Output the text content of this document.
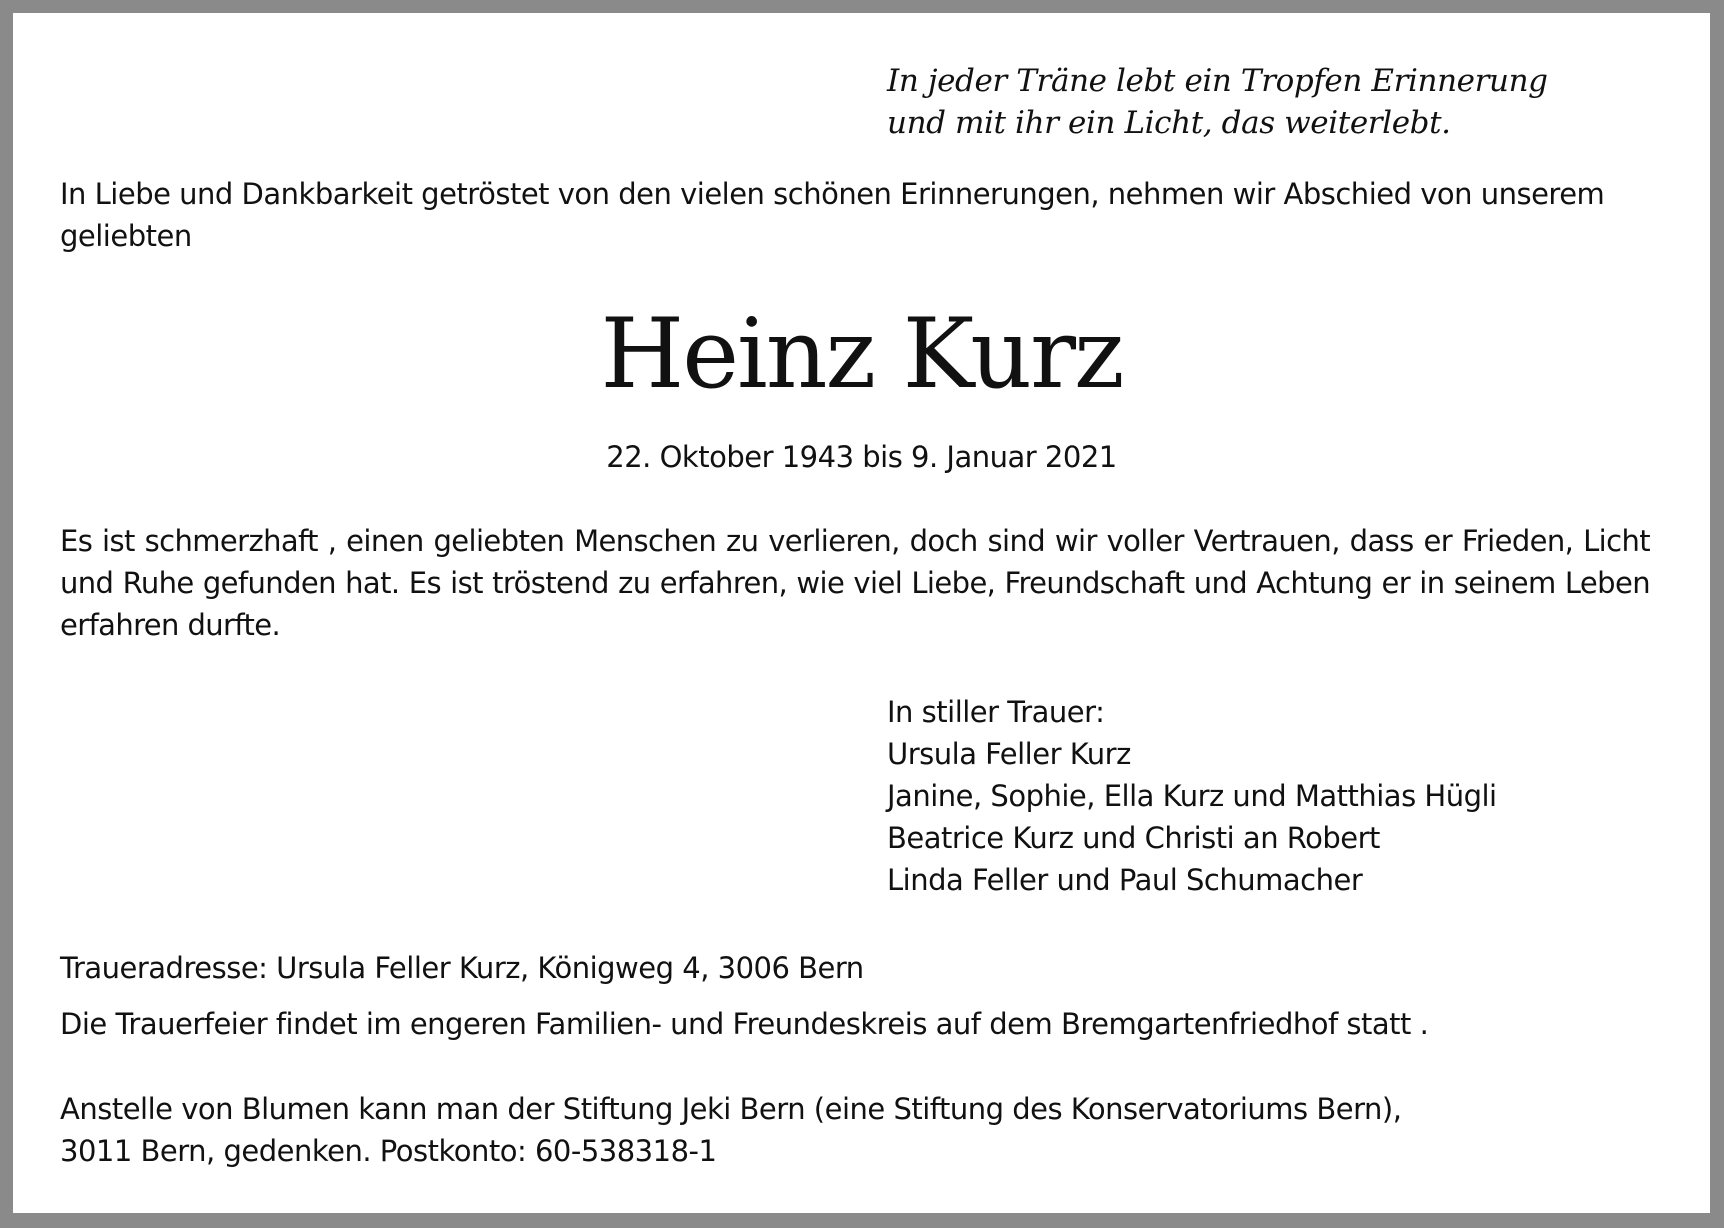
In jeder Träne lebt ein Tropfen Erinnerung
und mit ihr ein Licht, das weiterlebt.
In Liebe und Dankbarkeit getröstet von den vielen schönen Erinnerungen, nehmen wir Abschied von unserem geliebten
Heinz Kurz
22. Oktober 1943 bis 9. Januar 2021
Es ist schmerzhaft , einen geliebten Menschen zu verlieren, doch sind wir voller Vertrauen, dass er Frieden, Licht und Ruhe gefunden hat. Es ist tröstend zu erfahren, wie viel Liebe, Freundschaft und Achtung er in seinem Leben erfahren durfte.
In stiller Trauer:
Ursula Feller Kurz
Janine, Sophie, Ella Kurz und Matthias Hügli
Beatrice Kurz und Christi an Robert
Linda Feller und Paul Schumacher
Traueradresse: Ursula Feller Kurz, Königweg 4, 3006 Bern
Die Trauerfeier findet im engeren Familien- und Freundeskreis auf dem Bremgartenfriedhof statt .
Anstelle von Blumen kann man der Stiftung Jeki Bern (eine Stiftung des Konservatoriums Bern),
3011 Bern, gedenken. Postkonto: 60-538318-1
